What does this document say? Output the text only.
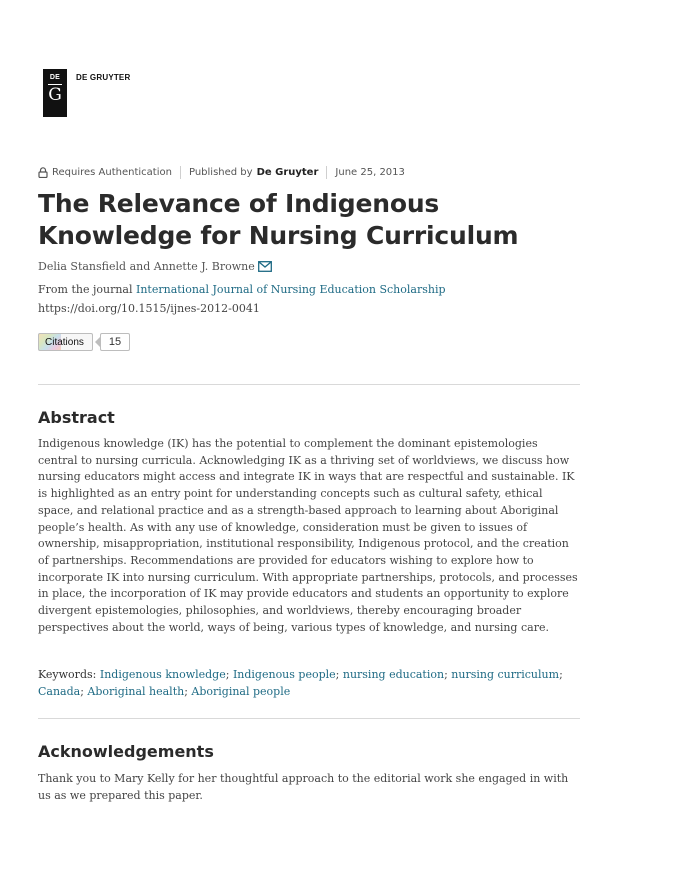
DE
G
DE GRUYTER
Requires Authentication Published by De Gruyter June 25, 2013
The Relevance of Indigenous Knowledge for Nursing Curriculum
Delia Stansfield and Annette J. Browne
From the journal International Journal of Nursing Education Scholarship
https://doi.org/10.1515/ijnes-2012-0041
Citations	15
Abstract

Indigenous knowledge (IK) has the potential to complement the dominant epistemologies central to nursing curricula. Acknowledging IK as a thriving set of worldviews, we discuss how nursing educators might access and integrate IK in ways that are respectful and sustainable. IK is highlighted as an entry point for understanding concepts such as cultural safety, ethical space, and relational practice and as a strength-based approach to learning about Aboriginal people’s health. As with any use of knowledge, consideration must be given to issues of ownership, misappropriation, institutional responsibility, Indigenous protocol, and the creation of partnerships. Recommendations are provided for educators wishing to explore how to incorporate IK into nursing curriculum. With appropriate partnerships, protocols, and processes in place, the incorporation of IK may provide educators and students an opportunity to explore divergent epistemologies, philosophies, and worldviews, thereby encouraging broader perspectives about the world, ways of being, various types of knowledge, and nursing care.

Keywords: Indigenous knowledge; Indigenous people; nursing education; nursing curriculum; Canada; Aboriginal health; Aboriginal people
Acknowledgements

Thank you to Mary Kelly for her thoughtful approach to the editorial work she engaged in with us as we prepared this paper.
